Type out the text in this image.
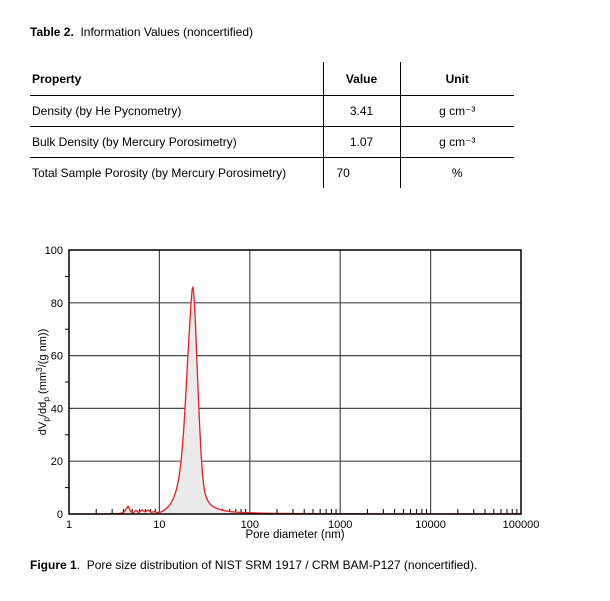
Table 2.  Information Values (noncertified)
Property	Value	Unit
Density (by He Pycnometry)	3.41	g cm⁻³
Bulk Density (by Mercury Porosimetry)	1.07	g cm⁻³
Total Sample Porosity (by Mercury Porosimetry)	70	%
1	10	100	1000	10000	100000
0
20
40
60
80
100
Pore diameter (nm)
$dV_p/dd_p$ ($mm^3/(g$ nm))
Figure 1.  Pore size distribution of NIST SRM 1917 / CRM BAM-P127 (noncertified).
